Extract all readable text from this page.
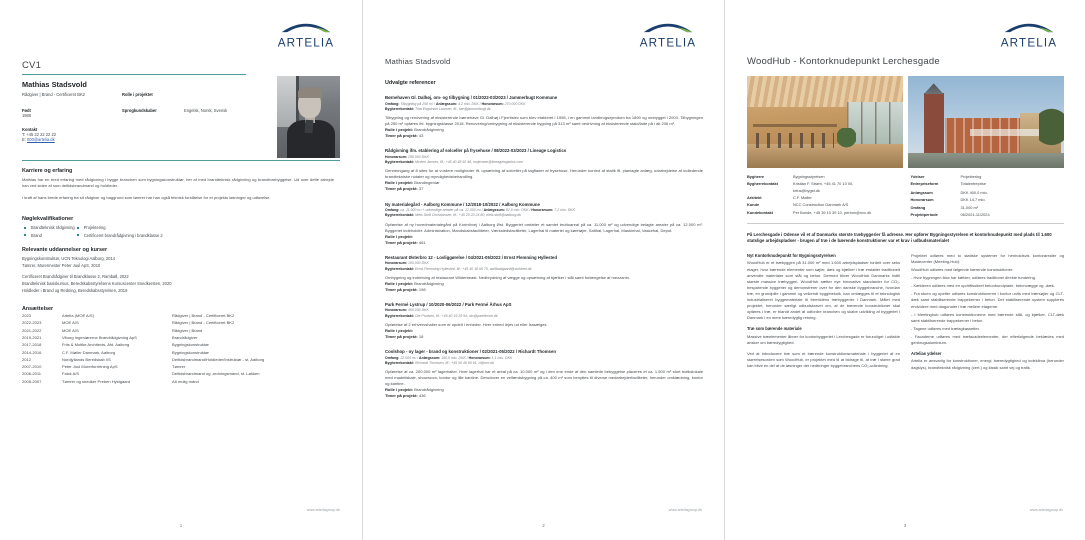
ARTELIA
CV1
Mathias Stadsvold
Rådgiver | Brand - Certificeret BK2	Rolle i projektet
Født
1986
Sprogkundskaber	Engelsk, Norsk, Svensk
Kontakt
T: +45 22 22 22 22
E: 000@artelia.dk
Karriere og erfaring
Mathias har en bred erfaring med rådgivning i bygge branchen som bygningskonstruktør, her af med brandteknisk rådgivning og brandforebyggelse. Ud over dette arbejde han ved siden af som deltidsbrandmand og holdleder.
I kraft af hans brede erfaring fra sit rådgiver og baggrund som tømrer har han også teknisk forståelse for et projekts løsninger og udførelse.
Nøglekvalifikationer
Brandteknisk rådgivning
Brand
Projektering
Certificeret brandrådgivning i brandklasse 2
Relevante uddannelser og kurser
Bygningskonstruktør, UCN Teknologi Aalborg, 2014
Tømrer, Murermester Peter Juul ApS, 2010
Certificeret Brandrådgiver til Brandklasse 2, Rambøll, 2022
Brandteknisk basiskursus, Beredskabsstyrelsens Kursuscenter Snedkersten, 2020
Holdleder i Brand og Redning, Beredskabsstyrelsen, 2019
Ansættelser
2023	Artelia (MOE A/S)	Rådgiver | Brand - Certificeret BK2
2022-2023	MOE A/S	Rådgiver | Brand - Certificeret BK2
2021-2022	MOE A/S	Rådgiver | Brand
2019-2021	Viborg Ingeniørerne Brandrådgivning ApS	Brandrådgiver
2017-2018	Friis & Moltke Architects, Afd. Aalborg	Bygningskonstruktør
2014-2016	C.F. Møller Danmark, Aalborg	Bygningskonstruktør
2012	Nordjyllands Beredskab I/S	Deltidsbrandmand/Holdleder/Instruktør - st. Aalborg
2007-2010	Peter Juul Murerforretning ApS	Tømrer
2006-2011	Falck A/S	Deltidsbrandmand og -redningsmand, st. Løkken
2005-2007	Tømrer og snedker Preben Hyldgaard	Alt mulig mand
www.arteliagroup.dk
1
ARTELIA
Mathias Stadsvold
Udvalgte referencer
Børnehaven Gl. Dalhøj, om- og tilbygning / 01/2022-03/2023 / Jammerbugt Kommune
Omfang: Tilbygning på 250 m² / Anlægssum: 4,2 mio. DKK / Honorarsum: 270.000 DKK
Bygherrekontakt: Tina Engstrøm Laursen, tlf., tae@jammerbugt.dk
Tilbygning og renovering af eksisterende børnehave Gl. Dalhøj i Fjerritslev som blev etableret i 1998, i en gammel landbrugsejendom fra 1890 og ombygget i 2003. Tilbygningen på 250 m² opføres iht. bygningsklasse 2018. Renovering/ombygning af eksisterende bygning på 313 m² samt nedrivning af eksisterende stald/lade på i alt 206 m².
Rolle i projekt: Brandrådgivning
Timer på projekt: 43
Rådgivning ifm. etablering af solceller på frysehuse / 08/2022-03/2023 / Lineage Logistics
Honorarsum: 295.000 DKK
Bygherrekontakt: Morten Jensen, tlf.: +45 40 48 92 48, mojensen@lineagelogistics.com
Gennemgang af 8 sites for at vurdere muligheder ift. opsætning af solceller på tagflader af frysehuse. Herunder kontrol af statik ift. planlagte anlæg, udarbejdelse af indledende brandtekniske notater og myndighedsbehandling.
Rolle i projekt: Brandingeniør
Timer på projekt: 37
Ny materialegård - Aalborg Kommune / 12/2018-10/2022 / Aalborg Kommune
Omfang: ca. 11.000 m² + udvendige arealer på ca. 12.000 m² / Anlægssum: 82,0 mio. DKK / Honorarsum: 7,2 mio. DKK
Bygherrekontakt: Niels Stoft Christiansen, tlf.: +45 25 20 24 80, niels.stoft@aalborg.dk
Opførelse af ny hovedmaterialegård på Korinthvej i Aalborg Øst. Byggeriet omfatter et samlet bruttoareal på ca. 11.000 m² og udvendige belagte arealer på ca. 12.000 m². Byggeriet indeholder: Administration, Mandskabsfaciliteter, Værkstedsfaciliteter, Lagerhal til materiel og køretøjer, Salthal, Lagerhal, Maskinhal, Vaskehal, Depot.
Rolle i projekt:
Timer på projekt: 461
Restaurant Østerbro 12 - Lovliggørelse / 04/2021-05/2022 / Ernst Flemming Hyllested
Honorarsum: 100.000 DKK
Bygherrekontakt: Ernst Flemming Hyllested, tlf.: +45 40 18 66 75, wolfbadgaard@stofanet.dk
Ombygning og indretning af restaurant Wilderbeast. Nedbrydning af vægge og opsætning af bjælker i stål samt forlængelse af mezzanin.
Rolle i projekt: Brandrådgivning
Timer på projekt: 198
Park Fermé Lystrup / 10/2020-06/2022 / Park Fermé Århus ApS
Honorarsum: 460.000 DKK
Bygherrekontakt: Ole Poulsen, tlf.: +45 40 19 28 94, olo@parkferme.dk
Opførelse af 2 erhvervshaller som er opdelt i enheder. Hver enhed lejes ud eller frasælges
Rolle i projekt:
Timer på projekt: 18
Coolshop - ny lager - brand og konstruktioner / 02/2021-05/2022 / Richardt Thomsen
Omfang: 22.000 m² / Anlægssum: 160,0 mio. DKK / Honorarsum: 1,1 mio. DKK
Bygherrekontakt: Richardt Thomsen, tlf.: +45 30 49 90 91, rt@rmr.dk
Opførelse af ca. 200.000 m² lagerhaller. Hver lagerhal har et areal på ca. 10.000 m² og i den ene ende af den samlede bebyggelse placeres et ca. 1.500 m² stort butikslokale med madetiskale, showroom, kontor og lille kantine. Derudover en velfærdsbygning på ca. 400 m² som benyttes til diverse medarbejderfaciliteter, herunder omklædning, kontor og kantine.
Rolle i projekt: Brandrådgivning
Timer på projekt: 436
www.arteliagroup.dk
2
ARTELIA
WoodHub - Kontorknudepunkt Lerchesgade
Bygherre	Bygningsstyrelsen
Bygherrekontakt	Kristian F. Strøm, +45 41 70 10 00,
	krfus@bygst.dk
Arkitekt	C.F. Møller
Kunde	NCC Construction Danmark A/S
Kundekontakt	Per Bonde, +45 39 10 39 10, perbon@ncc.dk
Ydelser	Projektering
Entrepriseform	Totalentreprise

Anlægssum	DKK 400,0 mio.
Honorarsum	DKK 14,7 mio.
Omfang	31.000 m²
Projektperiode	06/2021-11/2024
På Lerchesgade i Odense vil et af Danmarks største træbyggerier få adresse. Her opfører Bygningsstyrelsen et kontorknudepunkt med plads til 1.600 statslige arbejdspladser - brugen af træ i de bærende konstruktioner var et krav i udbudsmaterialet
Nyt Kontorknudepunkt for Bygningsstyrelsen
WoodHub er et træbyggeri på 31.000 m² med 1.600 arbejdspladser fordelt over seks etager, hvor bærende elementer som søjler, dæk og bjælker i træ erstatter traditionelt anvendte materialer som stål og beton. Dermed bliver WoodHub Danmarks hidtil største massive træbyggeri. WoodHub sætter nye innovative standarder for CO₂-besparende byggerier og demonstrerer over for den danske byggebranche, hvordan træ, en grundpille i gammel og velkendt byggeteknik, kan omlægges til et teknologisk industrialiseret byggemateriale til fremtidens træbyggerier i Danmark. Målet med projektet, herunder særligt udbudskravet om, at de bærende konstruktioner skal opføres i træ, er blandt andet at udfordre branchen og skabe udvikling af byggeriet i Danmark i en mere bæredygtig retning.
Træ som bærende materiale
Massive træelementer åbner for kontorbyggeriet i Lerchesgade er foruroliget i udfalde ansker om bæredygtighed.
Ved at introducere træ som et bærende konstruktionsmateriale i byggeriet af en størrelsesorden som WoodHub, er projektet med til at bidrage til, at træ i større grad kan blive en del af de løsninger der nedbringer byggebranchens CO₂-udledning.
Projektet udføres med to statiske systemer for henholdsvis kontorarealer og Mødecenter (Meeting-Hub).
WoodHub udføres med følgende bærende konstruktioner:
- Hvor bygningen ikke har kælder, udføres traditionel direkte fundering.
- Kælderen udføres med en opdriftssikret betonbundplade, betonvægge og -dæk.
- Fra stuen og opefter udføres konstruktionerne i kontor units med trærsøjler og CLT-dæk samt stabiliserende trappekerner i beton. Det stabiliserende system suppleres endvidere med diagonaler i træ mellem etagerne.
- I Meetinghub udføres konstruktionerne med bærende stål- og bjælker, CLT-dæk samt stabiliserende trappekerner i beton.
- Tagene udføres med trætagkassetter.
- Facaderne udføres med træfacadeelementer, der efterfølgende beklædes med genbrugsaluminium.
Artelias ydelser
Artelia er ansvarlig for konstruktioner, energi, bæredygtighed og indeklima (herunder dagslys), brandteknisk rådgivning (cert.) og klssik samt vej og trafik.
www.arteliagroup.dk
3
